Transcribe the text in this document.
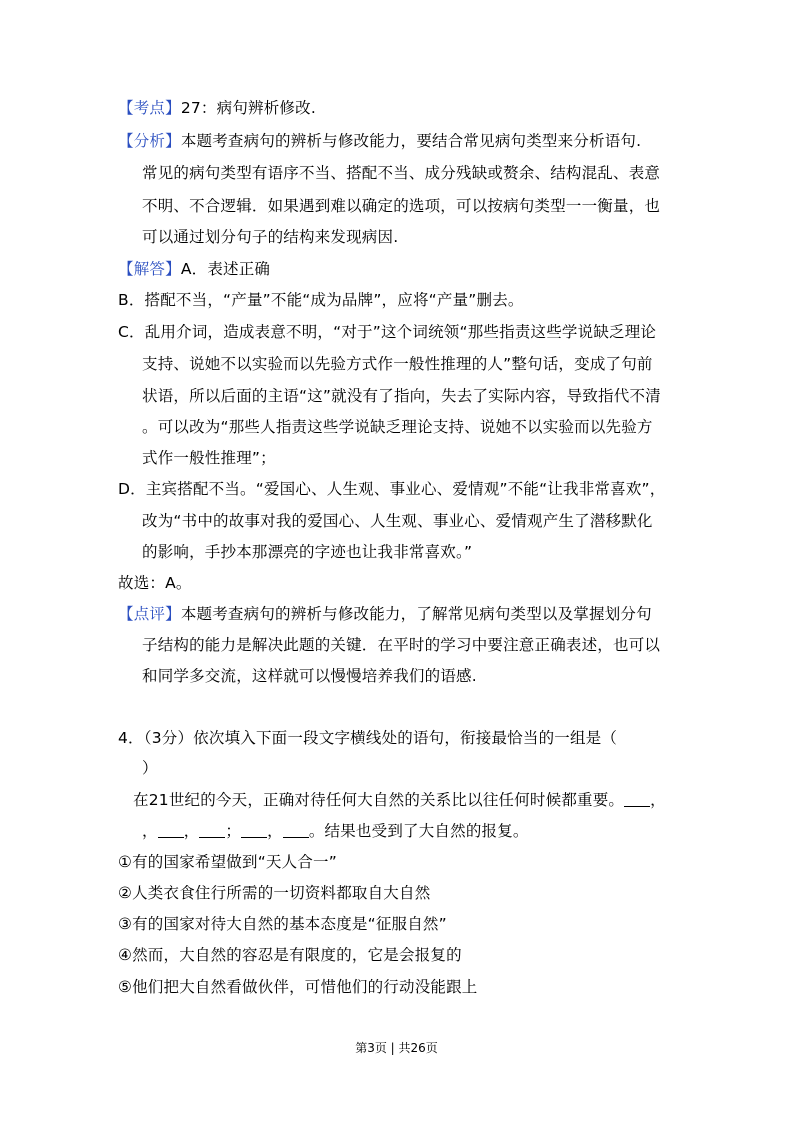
【考点】27：病句辨析修改.
【分析】本题考查病句的辨析与修改能力，要结合常见病句类型来分析语句.
常见的病句类型有语序不当、搭配不当、成分残缺或赘余、结构混乱、表意
不明、不合逻辑．如果遇到难以确定的选项，可以按病句类型一一衡量，也
可以通过划分句子的结构来发现病因.
【解答】A．表述正确
B．搭配不当，“产量”不能“成为品牌”，应将“产量”删去。
C．乱用介词，造成表意不明，“对于”这个词统领“那些指责这些学说缺乏理论
支持、说她不以实验而以先验方式作一般性推理的人”整句话，变成了句前
状语，所以后面的主语“这”就没有了指向，失去了实际内容，导致指代不清
。可以改为“那些人指责这些学说缺乏理论支持、说她不以实验而以先验方
式作一般性推理”；
D．主宾搭配不当。“爱国心、人生观、事业心、爱情观”不能“让我非常喜欢”，
改为“书中的故事对我的爱国心、人生观、事业心、爱情观产生了潜移默化
的影响，手抄本那漂亮的字迹也让我非常喜欢。”
故选：A。
【点评】本题考查病句的辨析与修改能力，了解常见病句类型以及掌握划分句
子结构的能力是解决此题的关键．在平时的学习中要注意正确表述，也可以
和同学多交流，这样就可以慢慢培养我们的语感.
4．（3分）依次填入下面一段文字横线处的语句，衔接最恰当的一组是（
）
在21世纪的今天，正确对待任何大自然的关系比以往任何时候都重要。 ，
， ， ； ， 。结果也受到了大自然的报复。
①有的国家希望做到“天人合一”
②人类衣食住行所需的一切资料都取自大自然
③有的国家对待大自然的基本态度是“征服自然”
④然而，大自然的容忍是有限度的，它是会报复的
⑤他们把大自然看做伙伴，可惜他们的行动没能跟上
第3页 | 共26页
